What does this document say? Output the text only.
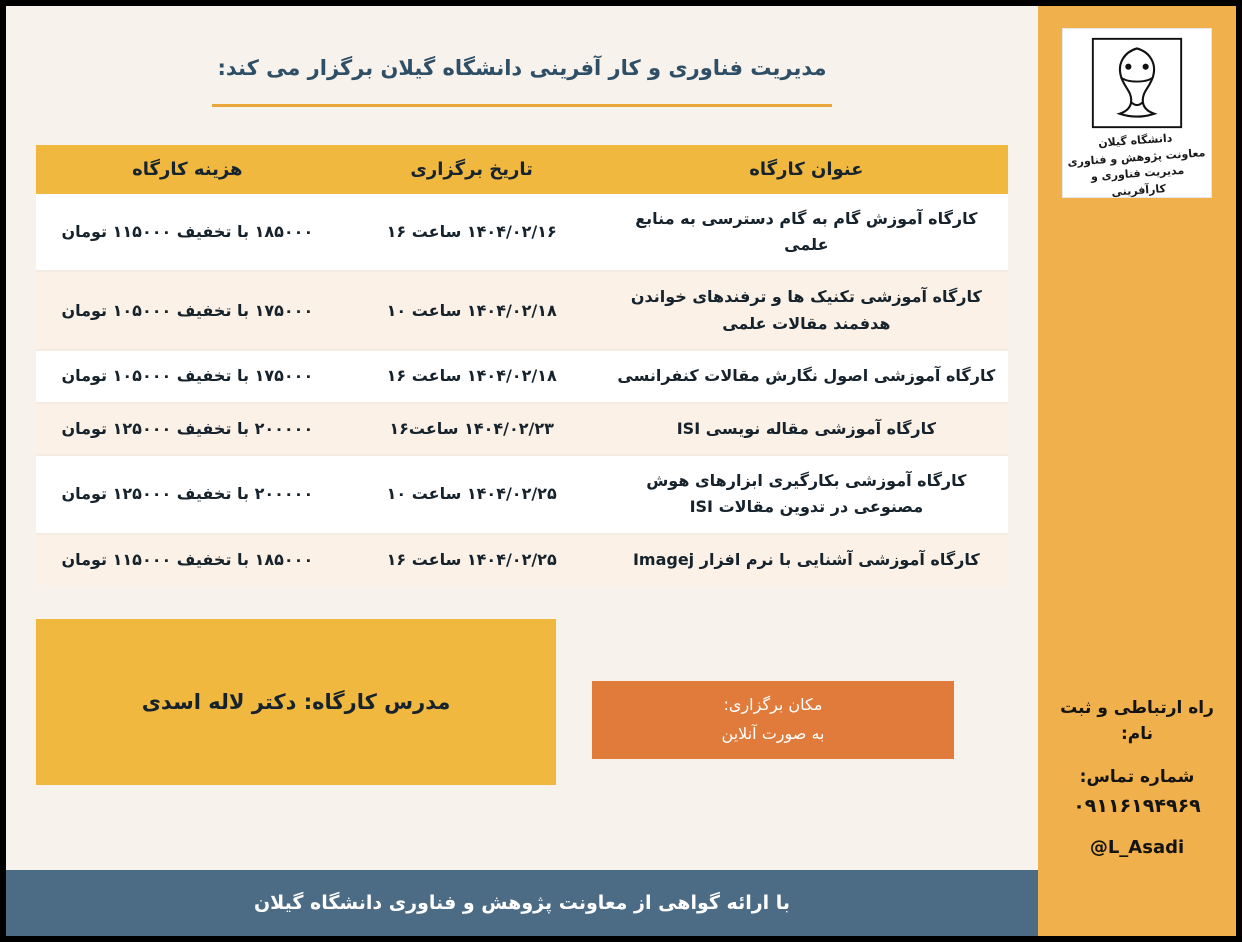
مدیریت فناوری و کار آفرینی دانشگاه گیلان برگزار می کند:
عنوان کارگاه	تاریخ برگزاری	هزینه کارگاه
کارگاه آموزش گام به گام دسترسی به منابع علمی	۱۴۰۴/۰۲/۱۶ ساعت ۱۶	۱۸۵۰۰۰ با تخفیف ۱۱۵۰۰۰ تومان
کارگاه آموزشی تکنیک ها و ترفندهای خواندن هدفمند مقالات علمی	۱۴۰۴/۰۲/۱۸ ساعت ۱۰	۱۷۵۰۰۰ با تخفیف ۱۰۵۰۰۰ تومان
کارگاه آموزشی اصول نگارش مقالات کنفرانسی	۱۴۰۴/۰۲/۱۸ ساعت ۱۶	۱۷۵۰۰۰ با تخفیف ۱۰۵۰۰۰ تومان
کارگاه آموزشی مقاله نویسی ISI	۱۴۰۴/۰۲/۲۳ ساعت۱۶	۲۰۰۰۰۰ با تخفیف ۱۲۵۰۰۰ تومان
کارگاه آموزشی بکارگیری ابزارهای هوش مصنوعی در تدوین مقالات ISI	۱۴۰۴/۰۲/۲۵ ساعت ۱۰	۲۰۰۰۰۰ با تخفیف ۱۲۵۰۰۰ تومان
کارگاه آموزشی آشنایی با نرم افزار Imagej	۱۴۰۴/۰۲/۲۵ ساعت ۱۶	۱۸۵۰۰۰ با تخفیف ۱۱۵۰۰۰ تومان
مدرس کارگاه: دکتر لاله اسدی	مکان برگزاری:
به صورت آنلاین
با ارائه گواهی از معاونت پژوهش و فناوری دانشگاه گیلان
دانشگاه گیلان
معاونت پژوهش و فناوری
مدیریت فناوری و کارآفرینی
راه ارتباطی و ثبت نام:
شماره تماس:
۰۹۱۱۶۱۹۴۹۶۹
@L_Asadi
